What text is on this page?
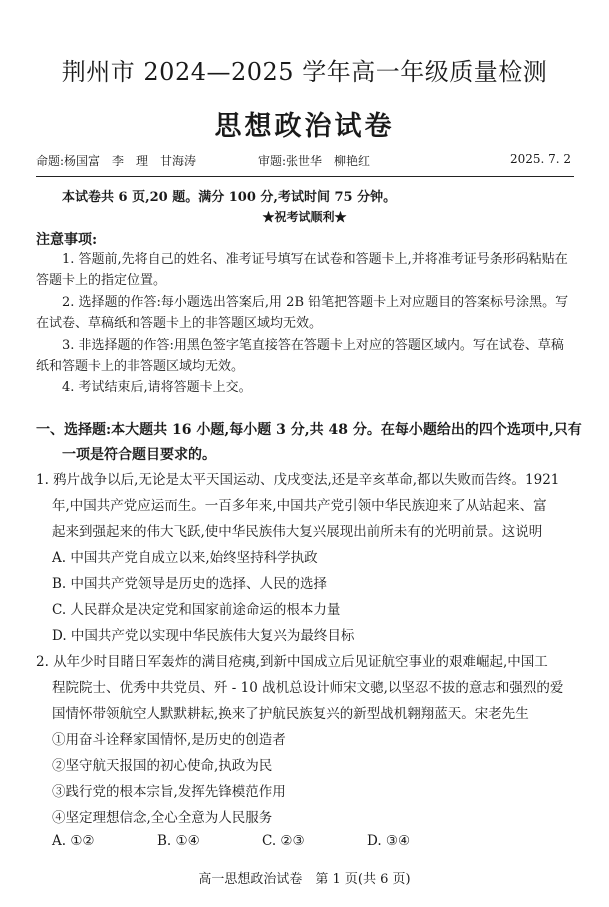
荆州市 2024—2025 学年高一年级质量检测
思想政治试卷
命题:杨国富　李　理　甘海涛	审题:张世华　柳艳红	2025. 7. 2
本试卷共 6 页,20 题。满分 100 分,考试时间 75 分钟。
★祝考试顺利★
注意事项:
1. 答题前,先将自己的姓名、准考证号填写在试卷和答题卡上,并将准考证号条形码粘贴在答题卡上的指定位置。
2. 选择题的作答:每小题选出答案后,用 2B 铅笔把答题卡上对应题目的答案标号涂黑。写在试卷、草稿纸和答题卡上的非答题区域均无效。
3. 非选择题的作答:用黑色签字笔直接答在答题卡上对应的答题区域内。写在试卷、草稿纸和答题卡上的非答题区域均无效。
4. 考试结束后,请将答题卡上交。
一、选择题:本大题共 16 小题,每小题 3 分,共 48 分。在每小题给出的四个选项中,只有
一项是符合题目要求的。
1. 鸦片战争以后,无论是太平天国运动、戊戌变法,还是辛亥革命,都以失败而告终。1921
年,中国共产党应运而生。一百多年来,中国共产党引领中华民族迎来了从站起来、富
起来到强起来的伟大飞跃,使中华民族伟大复兴展现出前所未有的光明前景。这说明
A. 中国共产党自成立以来,始终坚持科学执政
B. 中国共产党领导是历史的选择、人民的选择
C. 人民群众是决定党和国家前途命运的根本力量
D. 中国共产党以实现中华民族伟大复兴为最终目标
2. 从年少时目睹日军轰炸的满目疮痍,到新中国成立后见证航空事业的艰难崛起,中国工
程院院士、优秀中共党员、歼 - 10 战机总设计师宋文骢,以坚忍不拔的意志和强烈的爱
国情怀带领航空人默默耕耘,换来了护航民族复兴的新型战机翱翔蓝天。宋老先生
①用奋斗诠释家国情怀,是历史的创造者
②坚守航天报国的初心使命,执政为民
③践行党的根本宗旨,发挥先锋模范作用
④坚定理想信念,全心全意为人民服务
A. ①②	B. ①④	C. ②③	D. ③④
高一思想政治试卷　第 1 页(共 6 页)
